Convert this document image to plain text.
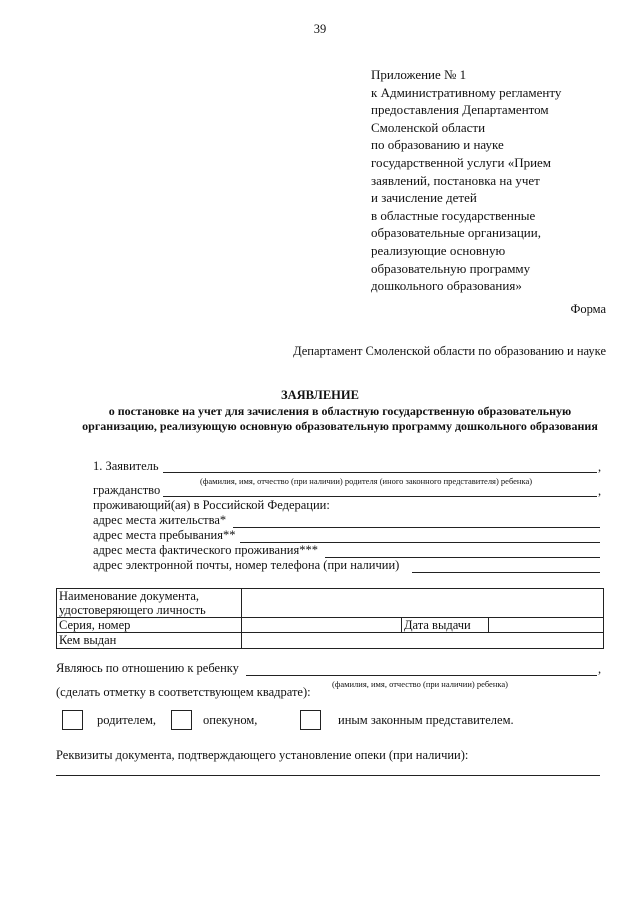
39
Приложение № 1
к Административному регламенту
предоставления Департаментом
Смоленской области
по образованию и науке
государственной услуги «Прием
заявлений, постановка на учет
и зачисление детей
в областные государственные
образовательные организации,
реализующие основную
образовательную программу
дошкольного образования»
Форма
Департамент Смоленской области по образованию и науке
ЗАЯВЛЕНИЕ
о постановке на учет для зачисления в областную государственную образовательную организацию, реализующую основную образовательную программу дошкольного образования
1. Заявитель	,
(фамилия, имя, отчество (при наличии) родителя (иного законного представителя) ребенка)
гражданство	,
проживающий(ая) в Российской Федерации:
адрес места жительства*
адрес места пребывания**
адрес места фактического проживания***
адрес электронной почты, номер телефона (при наличии)
Наименование документа,
удостоверяющего личность			

Серия, номер		Дата выдачи	
Кем выдан			
Являюсь по отношению к ребенку	,
(фамилия, имя, отчество (при наличии) ребенка)
(сделать отметку в соответствующем квадрате):
родителем,	опекуном,	иным законным представителем.
Реквизиты документа, подтверждающего установление опеки (при наличии):
